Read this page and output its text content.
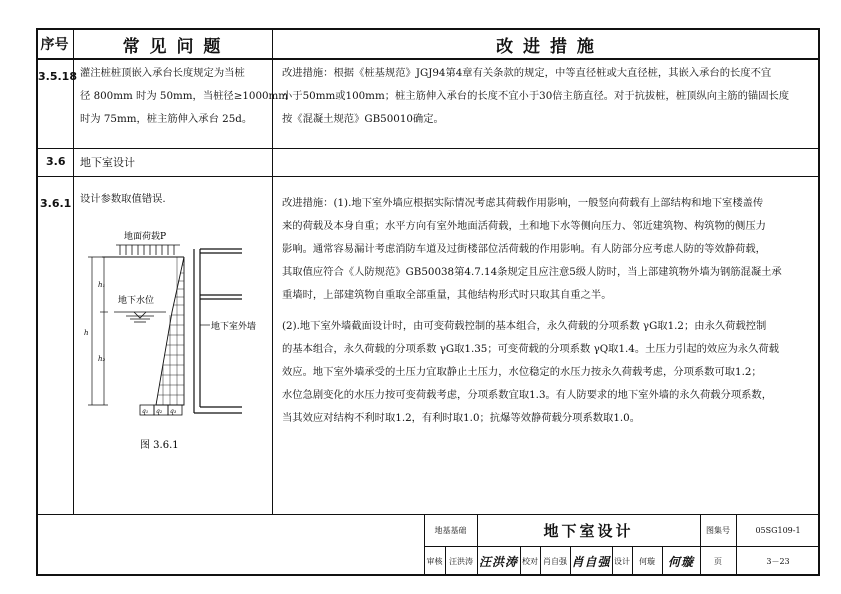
序号	常 见 问 题	改 进 措 施
3.5.18 灌注桩桩顶嵌入承台长度规定为当桩
径 800mm 时为 50mm，当桩径≥1000mm
时为 75mm，桩主筋伸入承台 25d。
改进措施：根据《桩基规范》JGJ94第4章有关条款的规定，中等直径桩或大直径桩，其嵌入承台的长度不宜
小于50mm或100mm；桩主筋伸入承台的长度不宜小于30倍主筋直径。对于抗拔桩，桩顶纵向主筋的锚固长度
按《混凝土规范》GB50010确定。
3.6 地下室设计
3.6.1 设计参数取值错误.	改进措施：(1).地下室外墙应根据实际情况考虑其荷载作用影响，一般竖向荷载有上部结构和地下室楼盖传
来的荷载及本身自重；水平方向有室外地面活荷载，土和地下水等侧向压力、邻近建筑物、构筑物的侧压力
影响。通常容易漏计考虑消防车道及过街楼部位活荷载的作用影响。有人防部分应考虑人防的等效静荷载，
其取值应符合《人防规范》GB50038第4.7.14条规定且应注意5级人防时，当上部建筑物外墙为钢筋混凝土承
重墙时，上部建筑物自重取全部重量，其他结构形式时只取其自重之半。
(2).地下室外墙截面设计时，由可变荷载控制的基本组合，永久荷载的分项系数 γG取1.2；由永久荷载控制
的基本组合，永久荷载的分项系数 γG取1.35；可变荷载的分项系数 γQ取1.4。土压力引起的效应为永久荷载
效应。地下室外墙承受的土压力宜取静止土压力，水位稳定的水压力按永久荷载考虑，分项系数可取1.2；
水位急剧变化的水压力按可变荷载考虑，分项系数宜取1.3。有人防要求的地下室外墙的永久荷载分项系数，
当其效应对结构不利时取1.2，有利时取1.0；抗爆等效静荷载分项系数取1.0。
地面荷载P
h₁
h
h₂
地下水位
q₁ q₂ q₃
地下室外墙
图 3.6.1
地基基础	地下室设计	图集号	05SG109-1
审核 汪洪涛 汪洪涛 校对 肖自强 肖自强 设计	何璇	何璇	页	3－23
